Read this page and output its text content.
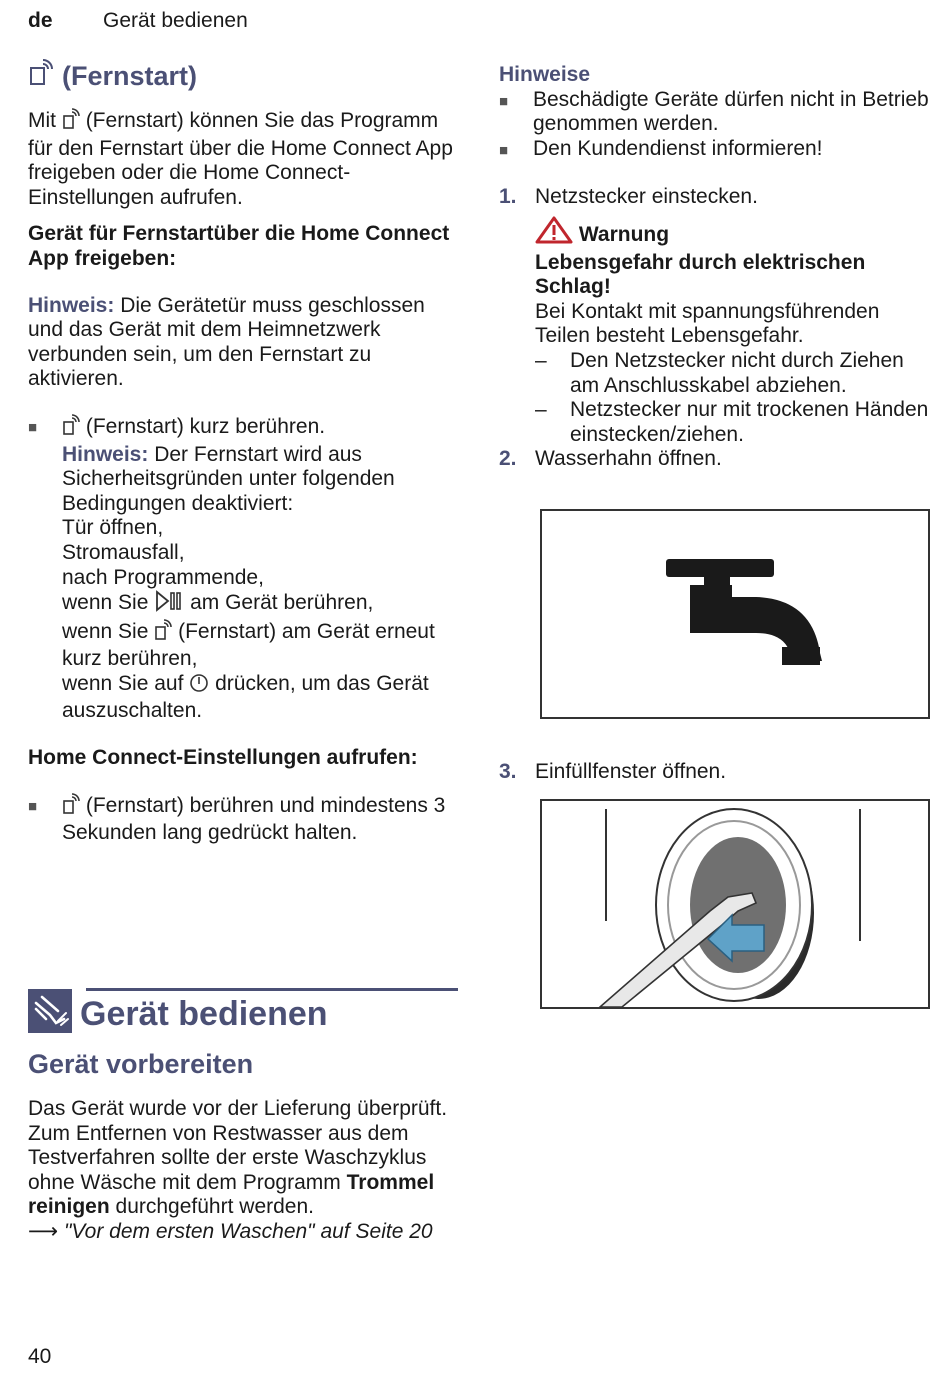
de Gerät bedienen
(Fernstart)

Mit (Fernstart) können Sie das Programm für den Fernstart über die Home Connect App freigeben oder die Home Connect-Einstellungen aufrufen.

Gerät für Fernstartüber die Home Connect App freigeben:

Hinweis: Die Gerätetür muss geschlossen und das Gerät mit dem Heimnetzwerk verbunden sein, um den Fernstart zu aktivieren.

■	(Fernstart) kurz berühren.

Hinweis: Der Fernstart wird aus Sicherheitsgründen unter folgenden Bedingungen deaktiviert:

Tür öffnen,

Stromausfall,

nach Programmende,

wenn Sie am Gerät berühren,

wenn Sie (Fernstart) am Gerät erneut kurz berühren,

wenn Sie auf drücken, um das Gerät auszuschalten.

Home Connect-Einstellungen aufrufen:

■	(Fernstart) berühren und mindestens 3 Sekunden lang gedrückt halten.

Gerät bedienen
Gerät vorbereiten

Das Gerät wurde vor der Lieferung überprüft. Zum Entfernen von Restwasser aus dem Testverfahren sollte der erste Waschzyklus ohne Wäsche mit dem Programm Trommel reinigen durchgeführt werden.

⟶ "Vor dem ersten Waschen" auf Seite 20

40

Hinweise

■	Beschädigte Geräte dürfen nicht in Betrieb genommen werden.

■	Den Kundendienst informieren!

1. Netzstecker einstecken.

Warnung

Lebensgefahr durch elektrischen Schlag!

Bei Kontakt mit spannungsführenden Teilen besteht Lebensgefahr.

–	Den Netzstecker nicht durch Ziehen am Anschlusskabel abziehen.

–	Netzstecker nur mit trockenen Händen einstecken/ziehen.

2. Wasserhahn öffnen.

3. Einfüllfenster öffnen.
